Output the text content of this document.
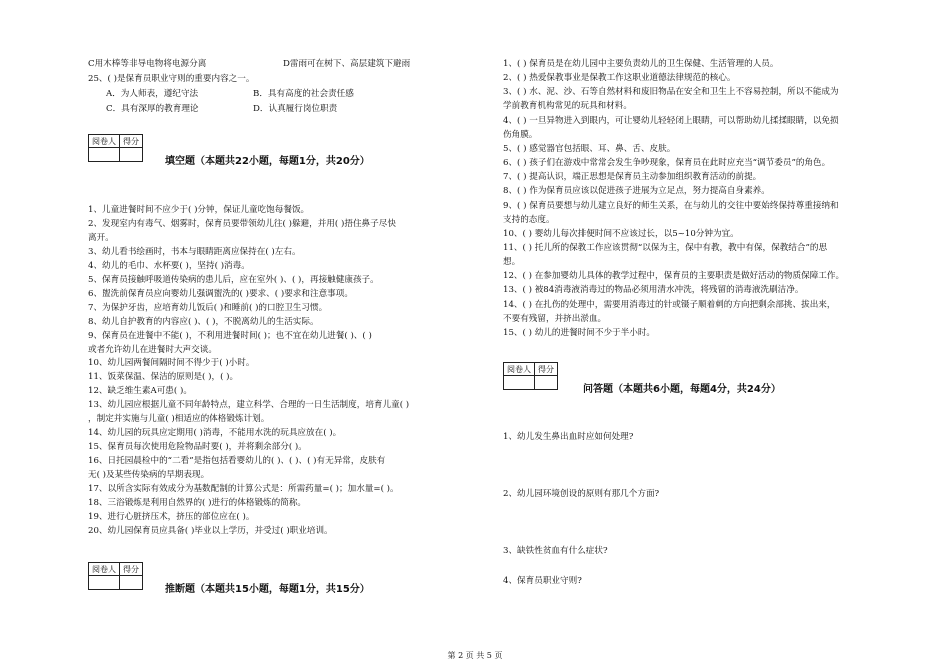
C用木棒等非导电物将电源分离	D雷雨可在树下、高层建筑下避雨
25、( )是保育员职业守则的重要内容之一。
A．为人师表，遵纪守法	B．具有高度的社会责任感
C．具有深厚的教育理论	D．认真履行岗位职责
阅卷人	得分

填空题（本题共22小题，每题1分，共20分）
1、儿童进餐时间不应少于( )分钟，保证儿童吃饱每餐饭。
2、发现室内有毒气、烟雾时，保育员要带领幼儿往( )躲避，并用( )捂住鼻子尽快
离开。
3、幼儿看书绘画时，书本与眼睛距离应保持在( )左右。
4、幼儿的毛巾、水杯要( )，坚持( )消毒。
5、保育员接触呼吸道传染病的患儿后，应在室外( )、( )，再接触健康孩子。
6、盥洗前保育员应向婴幼儿强调盥洗的( )要求、( )要求和注意事项。
7、为保护牙齿，应培育幼儿饭后( )和睡前( )的口腔卫生习惯。
8、幼儿自护教育的内容应( )、( )，不脱离幼儿的生活实际。
9、保育员在进餐中不能( )，不利用进餐时间( )；也不宜在幼儿进餐( )、( )
或者允许幼儿在进餐时大声交谈。
10、幼儿园两餐间隔时间不得少于( )小时。
11、饭菜保温、保洁的原则是( )，( )。
12、缺乏维生素A可患( )。
13、幼儿园应根据儿童不同年龄特点，建立科学、合理的一日生活制度，培育儿童( )
，制定并实施与儿童( )相适应的体格锻炼计划。
14、幼儿园的玩具应定期用( )消毒，不能用水洗的玩具应放在( )。
15、保育员每次使用危险物品时要( )，并将剩余部分( )。
16、日托园晨检中的“二看”是指包括看婴幼儿的( )、( )、( )有无异常，皮肤有
无( )及某些传染病的早期表现。
17、以所含实际有效成分为基数配制的计算公式是：所需药量=( )；加水量=( )。
18、三浴锻炼是利用自然界的( )进行的体格锻炼的简称。
19、进行心脏挤压术，挤压的部位应在( )。
20、幼儿园保育员应具备( )毕业以上学历，并受过( )职业培训。
阅卷人	得分

推断题（本题共15小题，每题1分，共15分）
1、( ) 保育员是在幼儿园中主要负责幼儿的卫生保健、生活管理的人员。
2、( ) 热爱保教事业是保教工作这职业道德法律规范的核心。
3、( ) 水、泥、沙、石等自然材料和废旧物品在安全和卫生上不容易控制，所以不能成为
学前教育机构常见的玩具和材料。
4、( ) 一旦异物进入到眼内，可让婴幼儿轻轻闭上眼睛，可以帮助幼儿揉揉眼睛，以免损
伤角膜。
5、( ) 感觉器官包括眼、耳、鼻、舌、皮肤。
6、( ) 孩子们在游戏中常常会发生争吵现象，保育员在此时应充当“调节委员”的角色。
7、( ) 提高认识，端正思想是保育员主动参加组织教育活动的前提。
8、( ) 作为保育员应该以促进孩子进展为立足点，努力提高自身素养。
9、( ) 保育员要想与幼儿建立良好的师生关系，在与幼儿的交往中要始终保持尊重接纳和
支持的态度。
10、( ) 婴幼儿每次排便时间不应该过长，以5~10分钟为宜。
11、( ) 托儿所的保教工作应该贯彻“以保为主，保中有教，教中有保，保教结合”的思
想。
12、( ) 在参加婴幼儿具体的教学过程中，保育员的主要职责是做好活动的物质保障工作。
13、( ) 被84消毒液消毒过的物品必须用清水冲洗，将残留的消毒液洗刷洁净。
14、( ) 在扎伤的处理中，需要用消毒过的针或镊子顺着刺的方向把剩余部挑、拔出来，
不要有残留，并挤出淤血。
15、( ) 幼儿的进餐时间不少于半小时。
阅卷人	得分

问答题（本题共6小题，每题4分，共24分）
1、幼儿发生鼻出血时应如何处理?
2、幼儿园环境创设的原则有那几个方面?
3、缺铁性贫血有什么症状?
4、保育员职业守则?
第 2 页 共 5 页
